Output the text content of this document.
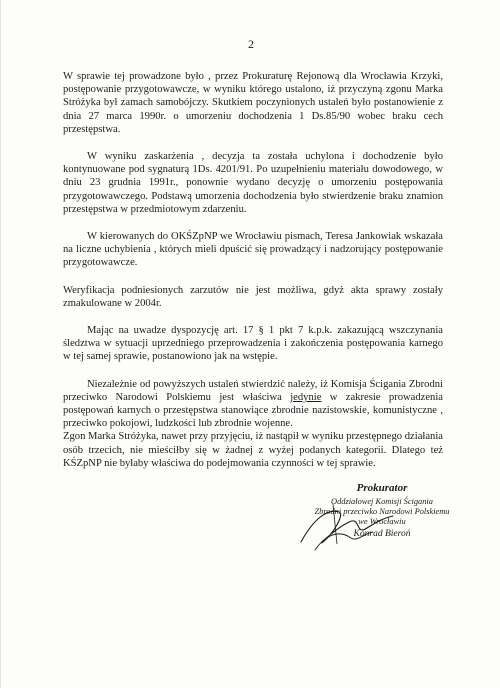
2

W sprawie tej prowadzone było , przez Prokuraturę Rejonową dla Wrocławia Krzyki, postępowanie przygotowawcze, w wyniku którego ustalono, iż przyczyną zgonu Marka Stróżyka był zamach samobójczy. Skutkiem poczynionych ustaleń było postanowienie z dnia 27 marca 1990r. o umorzeniu dochodzenia 1 Ds.85/90 wobec braku cech przestępstwa.

W wyniku zaskarżenia , decyzja ta została uchylona i dochodzenie było kontynuowane pod sygnaturą 1Ds. 4201/91. Po uzupełnieniu materiału dowodowego, w dniu 23 grudnia 1991r., ponownie wydano decyzję o umorzeniu postępowania przygotowawczego. Podstawą umorzenia dochodzenia było stwierdzenie braku znamion przestępstwa w przedmiotowym zdarzeniu.

W kierowanych do OKŚZpNP we Wrocławiu pismach, Teresa Jankowiak wskazała na liczne uchybienia , których mieli dpuścić się prowadzący i nadzorujący postępowanie przygotowawcze.

Weryfikacja podniesionych zarzutów nie jest możliwa, gdyż akta sprawy zostały zmakulowane w 2004r.

Mając na uwadze dyspozycję art. 17 § 1 pkt 7 k.p.k. zakazującą wszczynania śledztwa w sytuacji uprzedniego przeprowadzenia i zakończenia postępowania karnego w tej samej sprawie, postanowiono jak na wstępie.

Niezależnie od powyższych ustaleń stwierdzić należy, iż Komisja Ścigania Zbrodni przeciwko Narodowi Polskiemu jest właściwa jedynie w zakresie prowadzenia postępowań karnych o przestępstwa stanowiące zbrodnie nazistowskie, komunistyczne , przeciwko pokojowi, ludzkości lub zbrodnie wojenne.

Zgon Marka Stróżyka, nawet przy przyjęciu, iż nastąpił w wyniku przestępnego działania osób trzecich, nie mieściłby się w żadnej z wyżej podanych kategorii. Dlatego też KŚZpNP nie byłaby właściwa do podejmowania czynności w tej sprawie.

Prokurator
Oddziałowej Komisji Ścigania
Zbrodni przeciwko Narodowi Polskiemu
we Wrocławiu
Konrad Bieroń
